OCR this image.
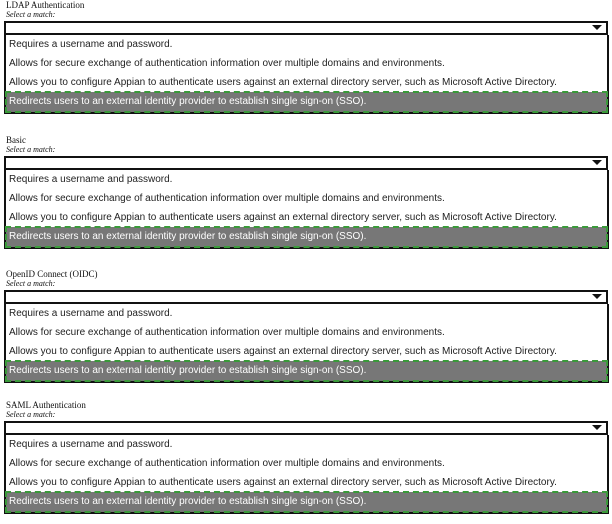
LDAP Authentication
Select a match:
Requires a username and password.
Allows for secure exchange of authentication information over multiple domains and environments.
Allows you to configure Appian to authenticate users against an external directory server, such as Microsoft Active Directory.
Redirects users to an external identity provider to establish single sign-on (SSO).
Basic
Select a match:
Requires a username and password.
Allows for secure exchange of authentication information over multiple domains and environments.
Allows you to configure Appian to authenticate users against an external directory server, such as Microsoft Active Directory.
Redirects users to an external identity provider to establish single sign-on (SSO).
OpenID Connect (OIDC)
Select a match:
Requires a username and password.
Allows for secure exchange of authentication information over multiple domains and environments.
Allows you to configure Appian to authenticate users against an external directory server, such as Microsoft Active Directory.
Redirects users to an external identity provider to establish single sign-on (SSO).
SAML Authentication
Select a match:
Requires a username and password.
Allows for secure exchange of authentication information over multiple domains and environments.
Allows you to configure Appian to authenticate users against an external directory server, such as Microsoft Active Directory.
Redirects users to an external identity provider to establish single sign-on (SSO).
